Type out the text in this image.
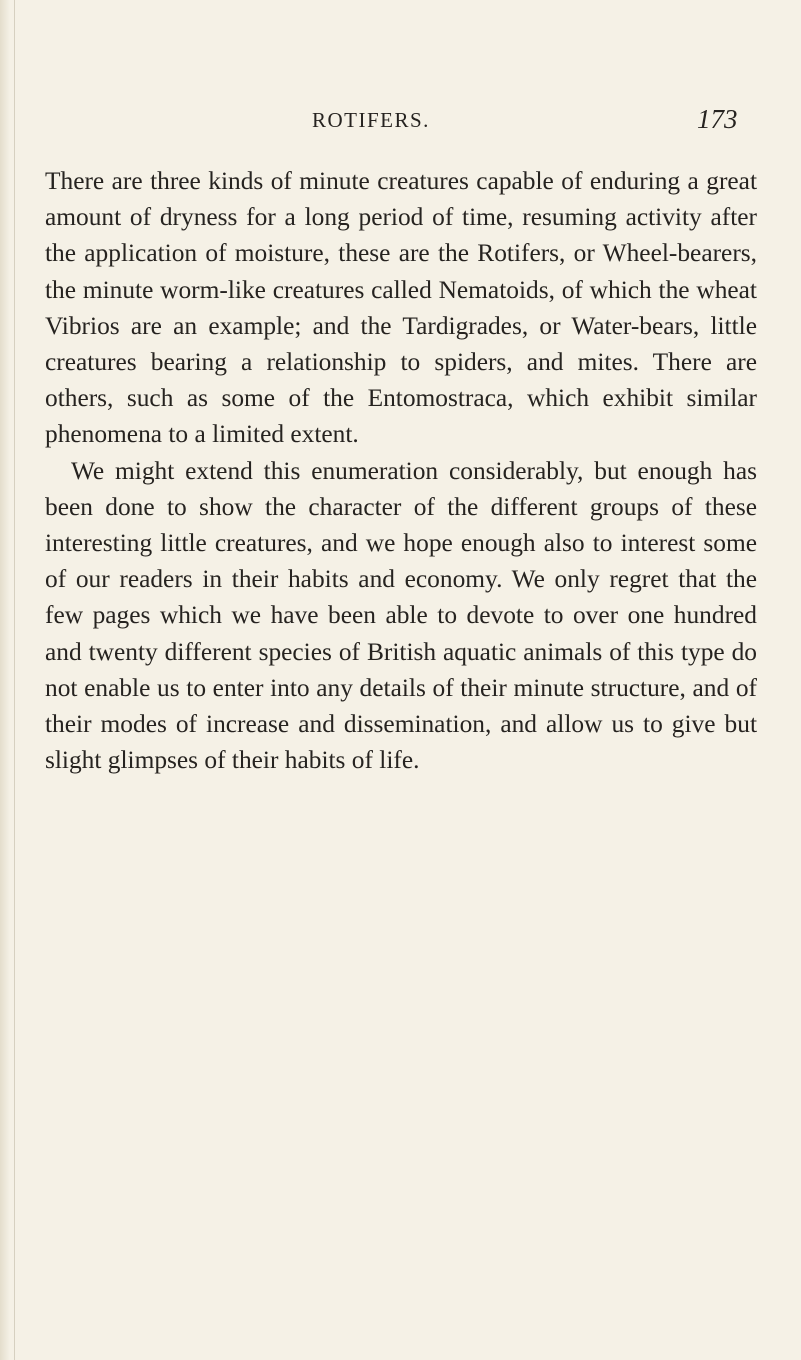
ROTIFERS.	173

There are three kinds of minute creatures capable of enduring a great amount of dryness for a long period of time, resuming activity after the application of moisture, these are the Rotifers, or Wheel-bearers, the minute worm-like creatures called Nematoids, of which the wheat Vibrios are an example; and the Tardigrades, or Water-bears, little creatures bearing a relationship to spiders, and mites. There are others, such as some of the Entomostraca, which exhibit similar phenomena to a limited extent.

We might extend this enumeration considerably, but enough has been done to show the character of the different groups of these interesting little creatures, and we hope enough also to interest some of our readers in their habits and economy. We only regret that the few pages which we have been able to devote to over one hundred and twenty different species of British aquatic animals of this type do not enable us to enter into any details of their minute structure, and of their modes of increase and dissemination, and allow us to give but slight glimpses of their habits of life.
